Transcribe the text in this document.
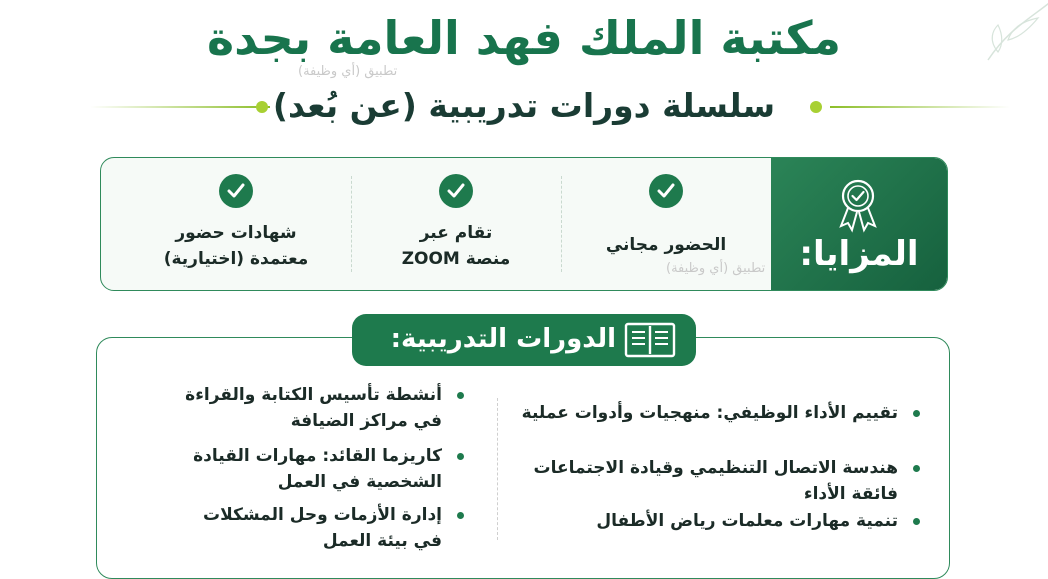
مكتبة الملك فهد العامة بجدة
تطبيق (أي وظيفة)
سلسلة دورات تدريبية (عن بُعد)
المزايا:
الحضور مجاني
تطبيق (أي وظيفة)
تقام عبر
منصة ZOOM
شهادات حضور
معتمدة (اختيارية)
الدورات التدريبية:
تقييم الأداء الوظيفي: منهجيات وأدوات عملية
هندسة الاتصال التنظيمي وقيادة الاجتماعات فائقة الأداء
تنمية مهارات معلمات رياض الأطفال
أنشطة تأسيس الكتابة والقراءة
في مراكز الضيافة
كاريزما القائد: مهارات القيادة
الشخصية في العمل
إدارة الأزمات وحل المشكلات
في بيئة العمل
